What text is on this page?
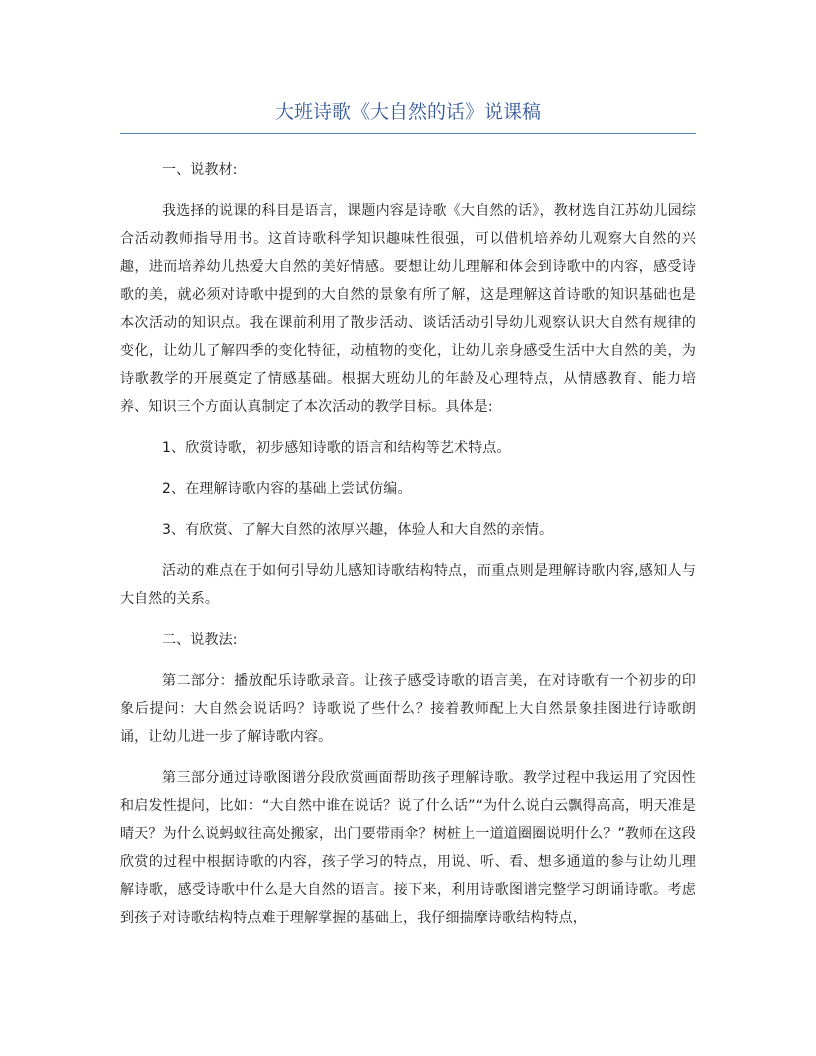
大班诗歌《大自然的话》说课稿

一、说教材:

我选择的说课的科目是语言，课题内容是诗歌《大自然的话》，教材选自江苏幼儿园综合活动教师指导用书。这首诗歌科学知识趣味性很强，可以借机培养幼儿观察大自然的兴趣，进而培养幼儿热爱大自然的美好情感。要想让幼儿理解和体会到诗歌中的内容，感受诗歌的美，就必须对诗歌中提到的大自然的景象有所了解，这是理解这首诗歌的知识基础也是本次活动的知识点。我在课前利用了散步活动、谈话活动引导幼儿观察认识大自然有规律的变化，让幼儿了解四季的变化特征，动植物的变化，让幼儿亲身感受生活中大自然的美，为诗歌教学的开展奠定了情感基础。根据大班幼儿的年龄及心理特点，从情感教育、能力培养、知识三个方面认真制定了本次活动的教学目标。具体是:

1、欣赏诗歌，初步感知诗歌的语言和结构等艺术特点。

2、在理解诗歌内容的基础上尝试仿编。

3、有欣赏、了解大自然的浓厚兴趣，体验人和大自然的亲情。

活动的难点在于如何引导幼儿感知诗歌结构特点，而重点则是理解诗歌内容,感知人与大自然的关系。

二、说教法:

第二部分：播放配乐诗歌录音。让孩子感受诗歌的语言美，在对诗歌有一个初步的印象后提问：大自然会说话吗？诗歌说了些什么？接着教师配上大自然景象挂图进行诗歌朗诵，让幼儿进一步了解诗歌内容。

第三部分通过诗歌图谱分段欣赏画面帮助孩子理解诗歌。教学过程中我运用了究因性和启发性提问，比如：“大自然中谁在说话？说了什么话”“为什么说白云飘得高高，明天准是晴天？为什么说蚂蚁往高处搬家，出门要带雨伞？树桩上一道道圈圈说明什么？”教师在这段欣赏的过程中根据诗歌的内容，孩子学习的特点，用说、听、看、想多通道的参与让幼儿理解诗歌，感受诗歌中什么是大自然的语言。接下来，利用诗歌图谱完整学习朗诵诗歌。考虑到孩子对诗歌结构特点难于理解掌握的基础上，我仔细揣摩诗歌结构特点，
